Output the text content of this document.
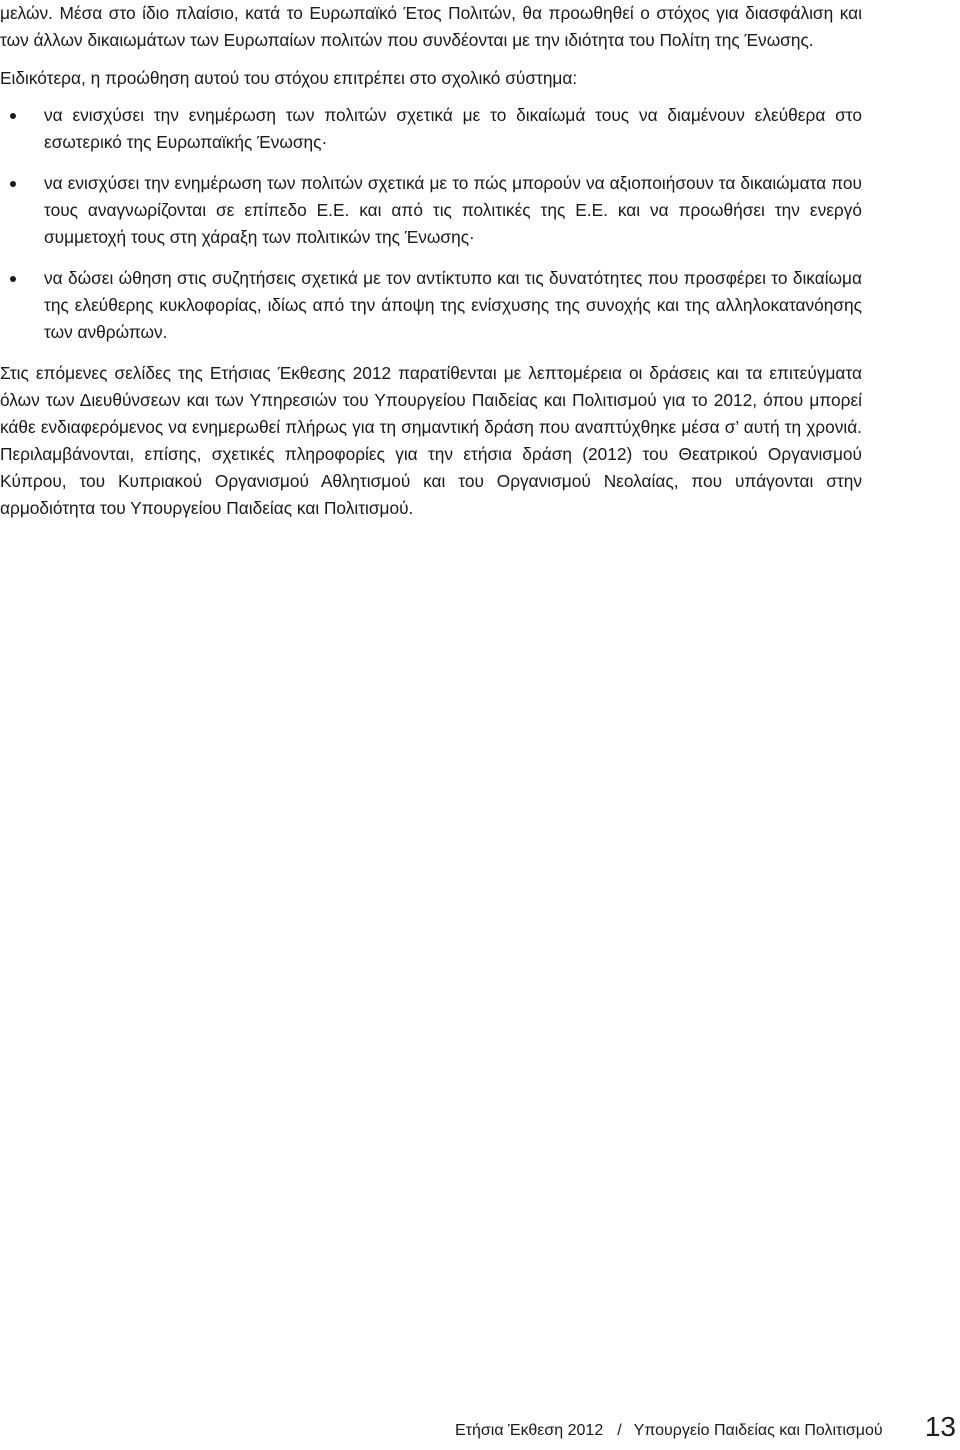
μελών. Μέσα στο ίδιο πλαίσιο, κατά το Ευρωπαϊκό Έτος Πολιτών, θα προωθηθεί ο στόχος για διασφάλιση και των άλλων δικαιωμάτων των Ευρωπαίων πολιτών που συνδέονται με την ιδιότητα του Πολίτη της Ένωσης.

Ειδικότερα, η προώθηση αυτού του στόχου επιτρέπει στο σχολικό σύστημα:

να ενισχύσει την ενημέρωση των πολιτών σχετικά με το δικαίωμά τους να διαμένουν ελεύθερα στο εσωτερικό της Ευρωπαϊκής Ένωσης·
να ενισχύσει την ενημέρωση των πολιτών σχετικά με το πώς μπορούν να αξιοποιήσουν τα δικαιώματα που τους αναγνωρίζονται σε επίπεδο Ε.Ε. και από τις πολιτικές της Ε.Ε. και να προωθήσει την ενεργό συμμετοχή τους στη χάραξη των πολιτικών της Ένωσης·
να δώσει ώθηση στις συζητήσεις σχετικά με τον αντίκτυπο και τις δυνατότητες που προσφέρει το δικαίωμα της ελεύθερης κυκλοφορίας, ιδίως από την άποψη της ενίσχυσης της συνοχής και της αλληλοκατανόησης των ανθρώπων.

Στις επόμενες σελίδες της Ετήσιας Έκθεσης 2012 παρατίθενται με λεπτομέρεια οι δράσεις και τα επιτεύγματα όλων των Διευθύνσεων και των Υπηρεσιών του Υπουργείου Παιδείας και Πολιτισμού για το 2012, όπου μπορεί κάθε ενδιαφερόμενος να ενημερωθεί πλήρως για τη σημαντική δράση που αναπτύχθηκε μέσα σ’ αυτή τη χρονιά. Περιλαμβάνονται, επίσης, σχετικές πληροφορίες για την ετήσια δράση (2012) του Θεατρικού Οργανισμού Κύπρου, του Κυπριακού Οργανισμού Αθλητισμού και του Οργανισμού Νεολαίας, που υπάγονται στην αρμοδιότητα του Υπουργείου Παιδείας και Πολιτισμού.

Ετήσια Έκθεση 2012 / Υπουργείο Παιδείας και Πολιτισμού 13
